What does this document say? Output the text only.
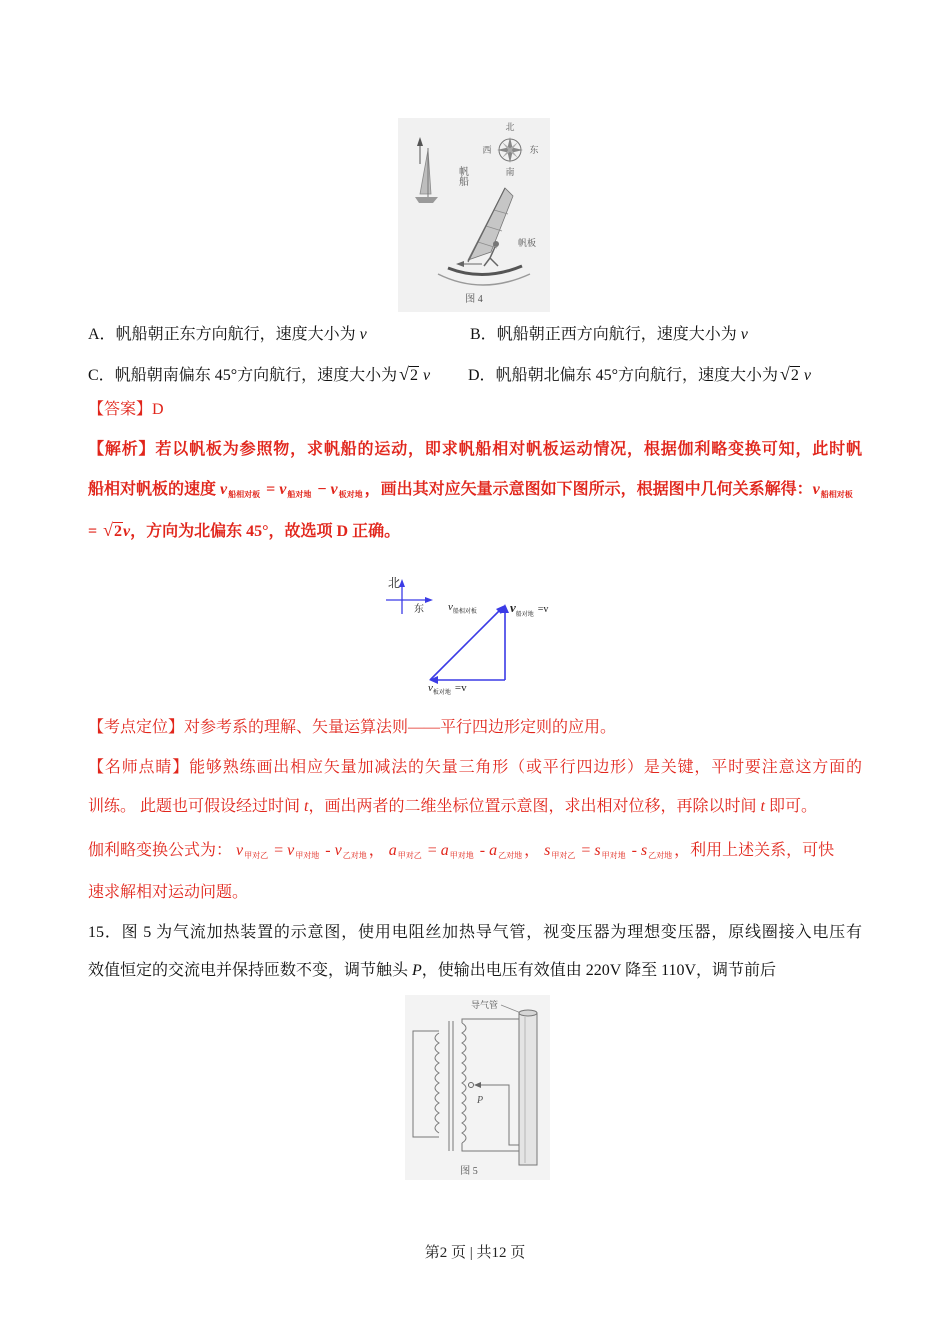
帆船
北
西	东
南
帆板
图 4
A．帆船朝正东方向航行，速度大小为 v	B．帆船朝正西方向航行，速度大小为 v
C．帆船朝南偏东 45°方向航行，速度大小为 √2 v	D．帆船朝北偏东 45°方向航行，速度大小为 √2 v
【答案】D
【解析】若以帆板为参照物，求帆船的运动，即求帆船相对帆板运动情况，根据伽利略变换可知，此时帆
船相对帆板的速度 $v_{船相对板} = v_{船对地} - v_{板对地}$ ，画出其对应矢量示意图如下图所示，根据图中几何关系解得：$v_{船相对板}$
= √2v，方向为北偏东 45°，故选项 D 正确。
北
东 $v_{船相对板}$	$v_{船对地}$ $^{=v}$
$v_{板对地} =v$
【考点定位】对参考系的理解、矢量运算法则——平行四边形定则的应用。
【名师点睛】能够熟练画出相应矢量加减法的矢量三角形（或平行四边形）是关键，平时要注意这方面的
训练。 此题也可假设经过时间 t，画出两者的二维坐标位置示意图，求出相对位移，再除以时间 t 即可。
伽利略变换公式为： $v_{甲对乙} = v_{甲对地} - v_{乙对地}$ ， $a_{甲对乙} = a_{甲对地} - a_{乙对地}$ ， $s_{甲对乙} = s_{甲对地} - s_{乙对地}$ ，利用上述关系，可快
速求解相对运动问题。
15．图 5 为气流加热装置的示意图，使用电阻丝加热导气管，视变压器为理想变压器，原线圈接入电压有
效值恒定的交流电并保持匝数不变，调节触头 P，使输出电压有效值由 220V 降至 110V，调节前后
导气管
P
图 5
第2 页 | 共12 页
